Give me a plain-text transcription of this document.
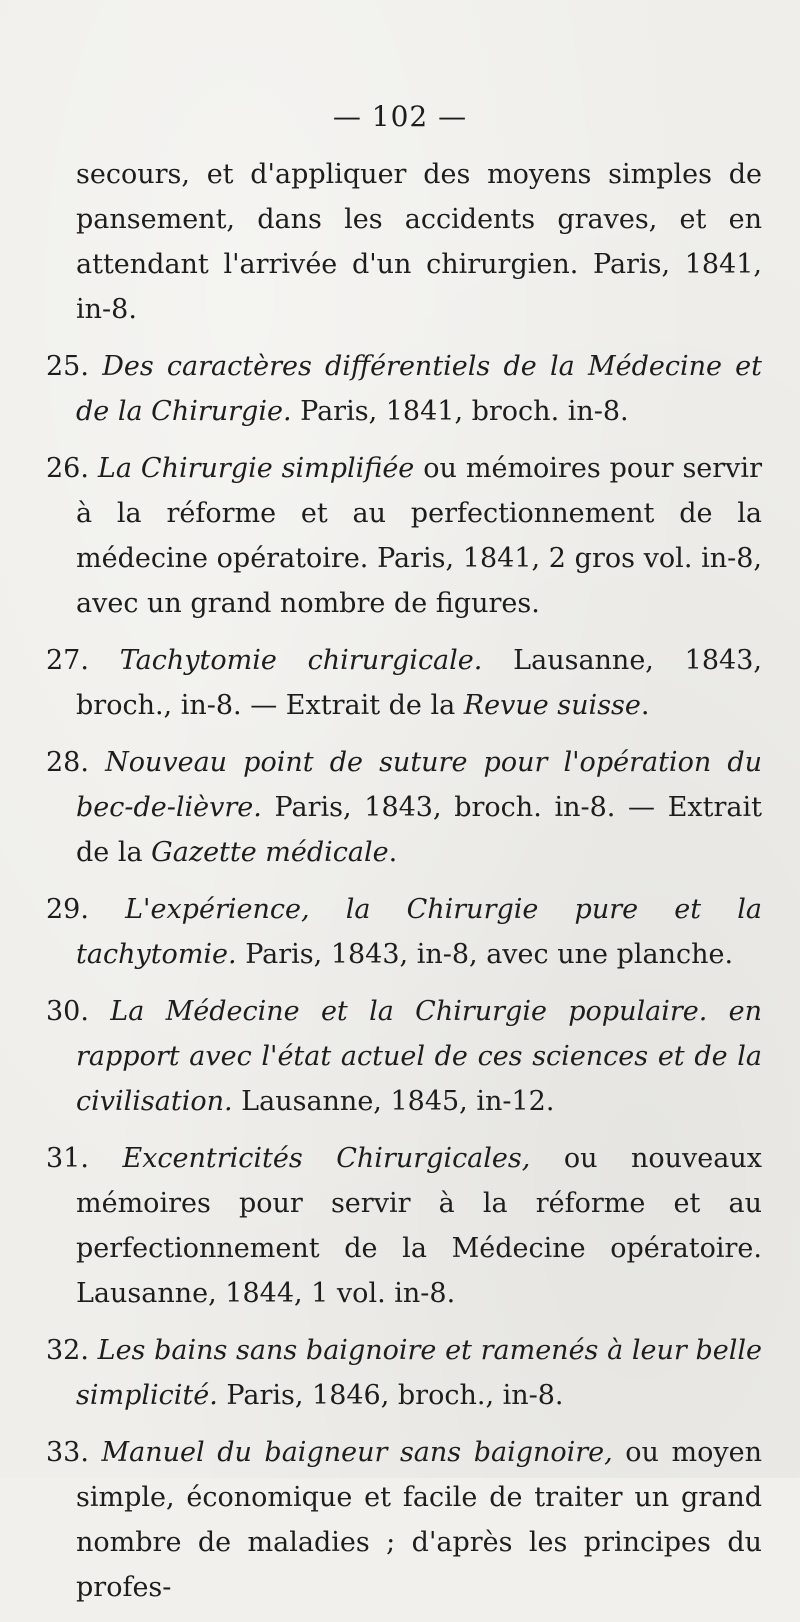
— 102 —

secours, et d'appliquer des moyens simples de pansement, dans les accidents graves, et en attendant l'arrivée d'un chirurgien. Paris, 1841, in-8.

25. Des caractères différentiels de la Médecine et de la Chirurgie. Paris, 1841, broch. in-8.

26. La Chirurgie simplifiée ou mémoires pour servir à la réforme et au perfectionnement de la médecine opératoire. Paris, 1841, 2 gros vol. in-8, avec un grand nombre de figures.

27. Tachytomie chirurgicale. Lausanne, 1843, broch., in-8. — Extrait de la Revue suisse.

28. Nouveau point de suture pour l'opération du bec-de-lièvre. Paris, 1843, broch. in-8. — Extrait de la Gazette médicale.

29. L'expérience, la Chirurgie pure et la tachytomie. Paris, 1843, in-8, avec une planche.

30. La Médecine et la Chirurgie populaire. en rapport avec l'état actuel de ces sciences et de la civilisation. Lausanne, 1845, in-12.

31. Excentricités Chirurgicales, ou nouveaux mémoires pour servir à la réforme et au perfectionnement de la Médecine opératoire. Lausanne, 1844, 1 vol. in-8.

32. Les bains sans baignoire et ramenés à leur belle simplicité. Paris, 1846, broch., in-8.

33. Manuel du baigneur sans baignoire, ou moyen simple, économique et facile de traiter un grand nombre de maladies ; d'après les principes du profes-
